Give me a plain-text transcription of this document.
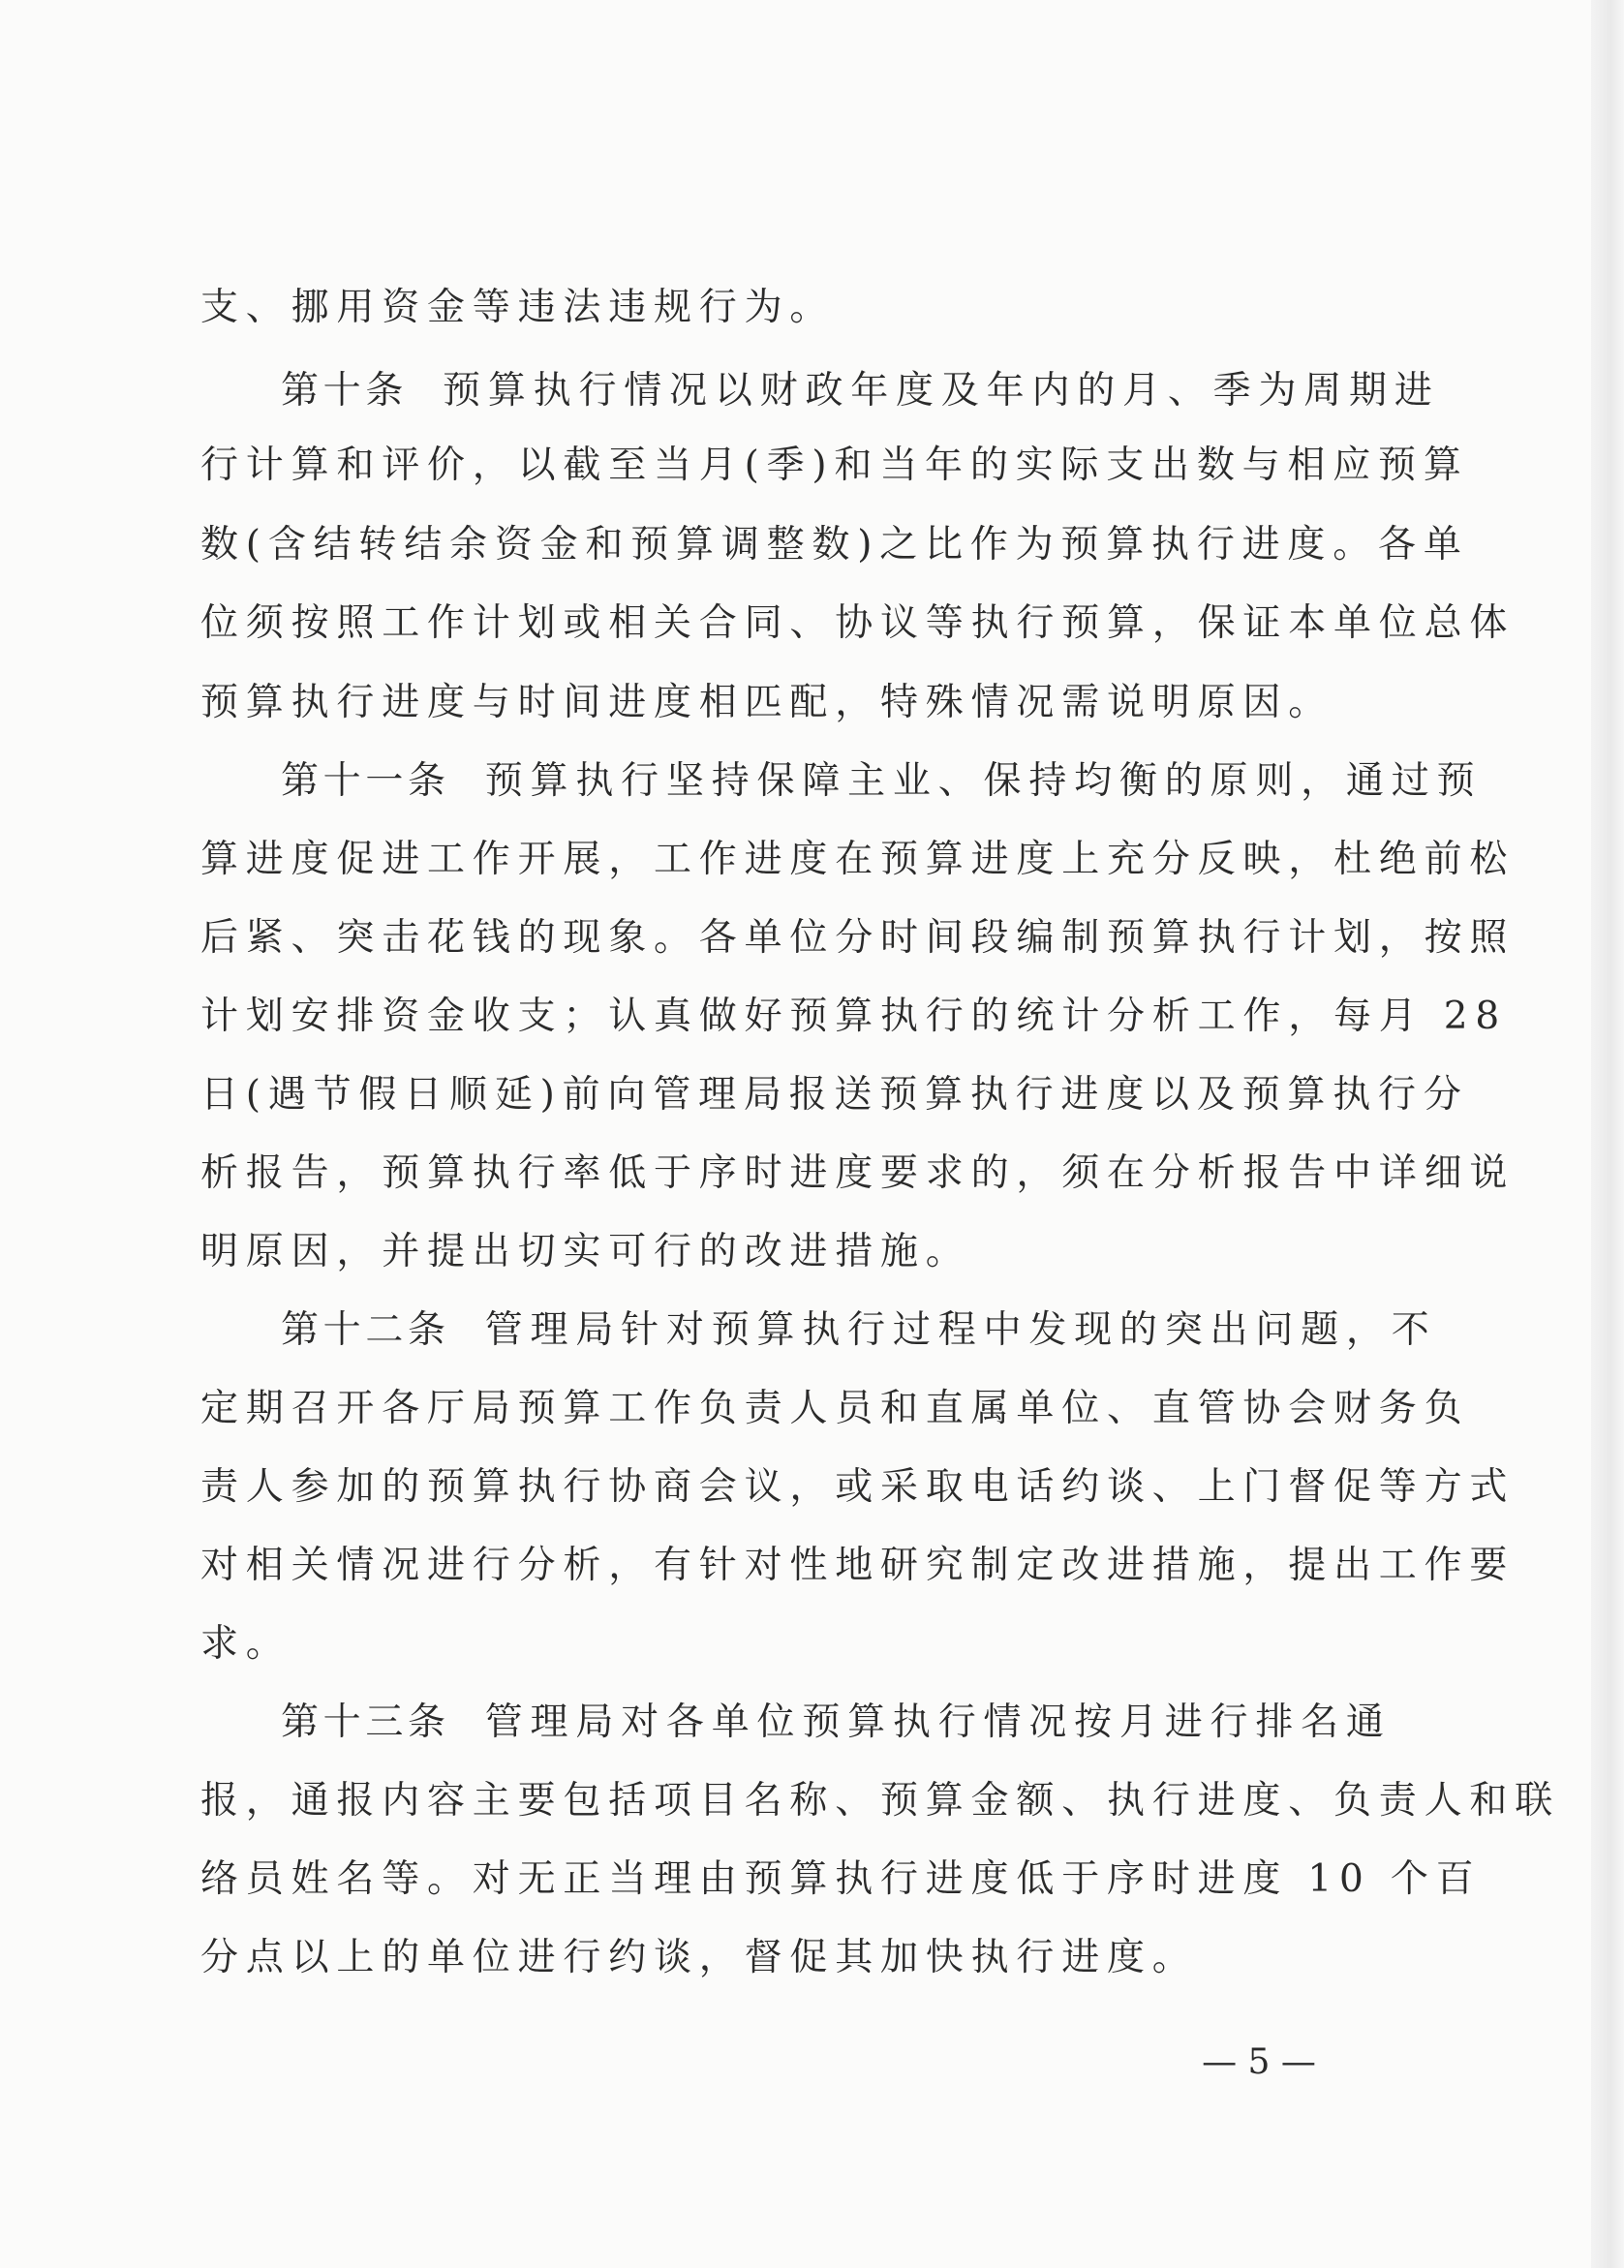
支、挪用资金等违法违规行为。
第十条 预算执行情况以财政年度及年内的月、季为周期进
行计算和评价，以截至当月(季)和当年的实际支出数与相应预算
数(含结转结余资金和预算调整数)之比作为预算执行进度。各单
位须按照工作计划或相关合同、协议等执行预算，保证本单位总体
预算执行进度与时间进度相匹配，特殊情况需说明原因。
第十一条 预算执行坚持保障主业、保持均衡的原则，通过预
算进度促进工作开展，工作进度在预算进度上充分反映，杜绝前松
后紧、突击花钱的现象。各单位分时间段编制预算执行计划，按照
计划安排资金收支；认真做好预算执行的统计分析工作，每月 28
日(遇节假日顺延)前向管理局报送预算执行进度以及预算执行分
析报告，预算执行率低于序时进度要求的，须在分析报告中详细说
明原因，并提出切实可行的改进措施。
第十二条 管理局针对预算执行过程中发现的突出问题，不
定期召开各厅局预算工作负责人员和直属单位、直管协会财务负
责人参加的预算执行协商会议，或采取电话约谈、上门督促等方式
对相关情况进行分析，有针对性地研究制定改进措施，提出工作要
求。
第十三条 管理局对各单位预算执行情况按月进行排名通
报，通报内容主要包括项目名称、预算金额、执行进度、负责人和联
络员姓名等。对无正当理由预算执行进度低于序时进度 10 个百
分点以上的单位进行约谈，督促其加快执行进度。
— 5 —
